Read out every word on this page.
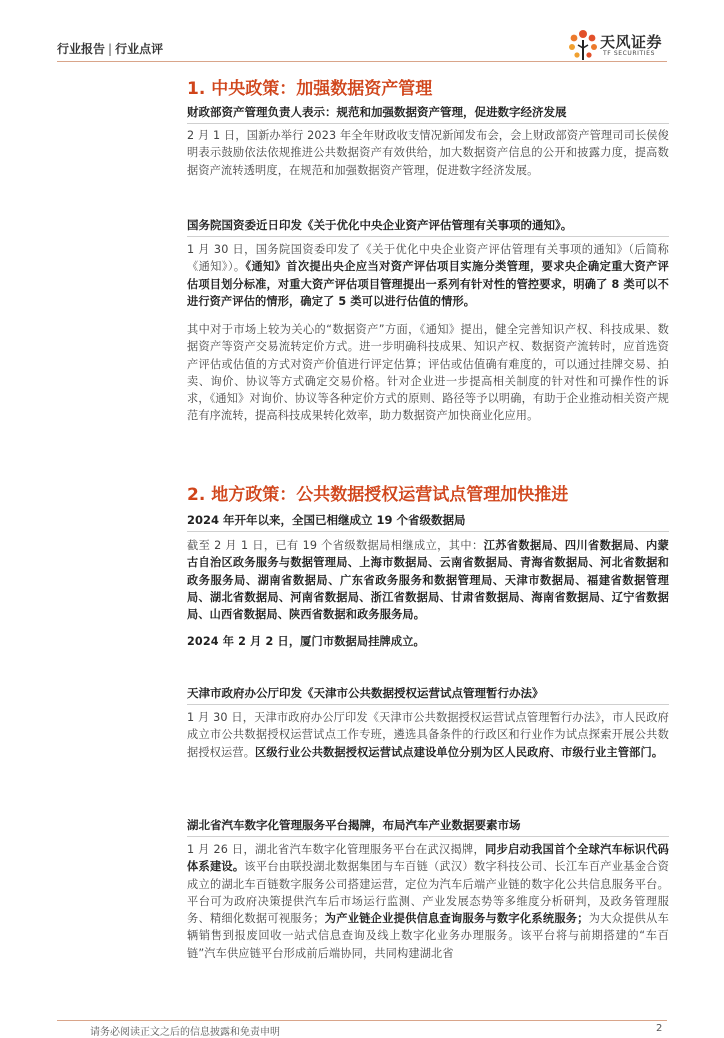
行业报告 | 行业点评	天风证券
TF SECURITIES
1. 中央政策：加强数据资产管理
财政部资产管理负责人表示：规范和加强数据资产管理，促进数字经济发展
2 月 1 日，国新办举行 2023 年全年财政收支情况新闻发布会，会上财政部资产管理司司长侯俊明表示鼓励依法依规推进公共数据资产有效供给，加大数据资产信息的公开和披露力度，提高数据资产流转透明度，在规范和加强数据资产管理，促进数字经济发展。
国务院国资委近日印发《关于优化中央企业资产评估管理有关事项的通知》。
1 月 30 日，国务院国资委印发了《关于优化中央企业资产评估管理有关事项的通知》（后简称《通知》）。《通知》首次提出央企应当对资产评估项目实施分类管理，要求央企确定重大资产评估项目划分标准，对重大资产评估项目管理提出一系列有针对性的管控要求，明确了 8 类可以不进行资产评估的情形，确定了 5 类可以进行估值的情形。
其中对于市场上较为关心的“数据资产”方面，《通知》提出，健全完善知识产权、科技成果、数据资产等资产交易流转定价方式。进一步明确科技成果、知识产权、数据资产流转时，应首选资产评估或估值的方式对资产价值进行评定估算；评估或估值确有难度的，可以通过挂牌交易、拍卖、询价、协议等方式确定交易价格。针对企业进一步提高相关制度的针对性和可操作性的诉求，《通知》对询价、协议等各种定价方式的原则、路径等予以明确，有助于企业推动相关资产规范有序流转，提高科技成果转化效率，助力数据资产加快商业化应用。
2. 地方政策：公共数据授权运营试点管理加快推进
2024 年开年以来，全国已相继成立 19 个省级数据局
截至 2 月 1 日，已有 19 个省级数据局相继成立，其中：江苏省数据局、四川省数据局、内蒙古自治区政务服务与数据管理局、上海市数据局、云南省数据局、青海省数据局、河北省数据和政务服务局、湖南省数据局、广东省政务服务和数据管理局、天津市数据局、福建省数据管理局、湖北省数据局、河南省数据局、浙江省数据局、甘肃省数据局、海南省数据局、辽宁省数据局、山西省数据局、陕西省数据和政务服务局。
2024 年 2 月 2 日，厦门市数据局挂牌成立。
天津市政府办公厅印发《天津市公共数据授权运营试点管理暂行办法》
1 月 30 日，天津市政府办公厅印发《天津市公共数据授权运营试点管理暂行办法》，市人民政府成立市公共数据授权运营试点工作专班，遴选具备条件的行政区和行业作为试点探索开展公共数据授权运营。区级行业公共数据授权运营试点建设单位分别为区人民政府、市级行业主管部门。
湖北省汽车数字化管理服务平台揭牌，布局汽车产业数据要素市场
1 月 26 日，湖北省汽车数字化管理服务平台在武汉揭牌，同步启动我国首个全球汽车标识代码体系建设。该平台由联投湖北数据集团与车百链（武汉）数字科技公司、长江车百产业基金合资成立的湖北车百链数字服务公司搭建运营，定位为汽车后端产业链的数字化公共信息服务平台。平台可为政府决策提供汽车后市场运行监测、产业发展态势等多维度分析研判，及政务管理服务、精细化数据可视服务；为产业链企业提供信息查询服务与数字化系统服务；为大众提供从车辆销售到报废回收一站式信息查询及线上数字化业务办理服务。该平台将与前期搭建的“车百链”汽车供应链平台形成前后端协同，共同构建湖北省
请务必阅读正文之后的信息披露和免责申明	2
